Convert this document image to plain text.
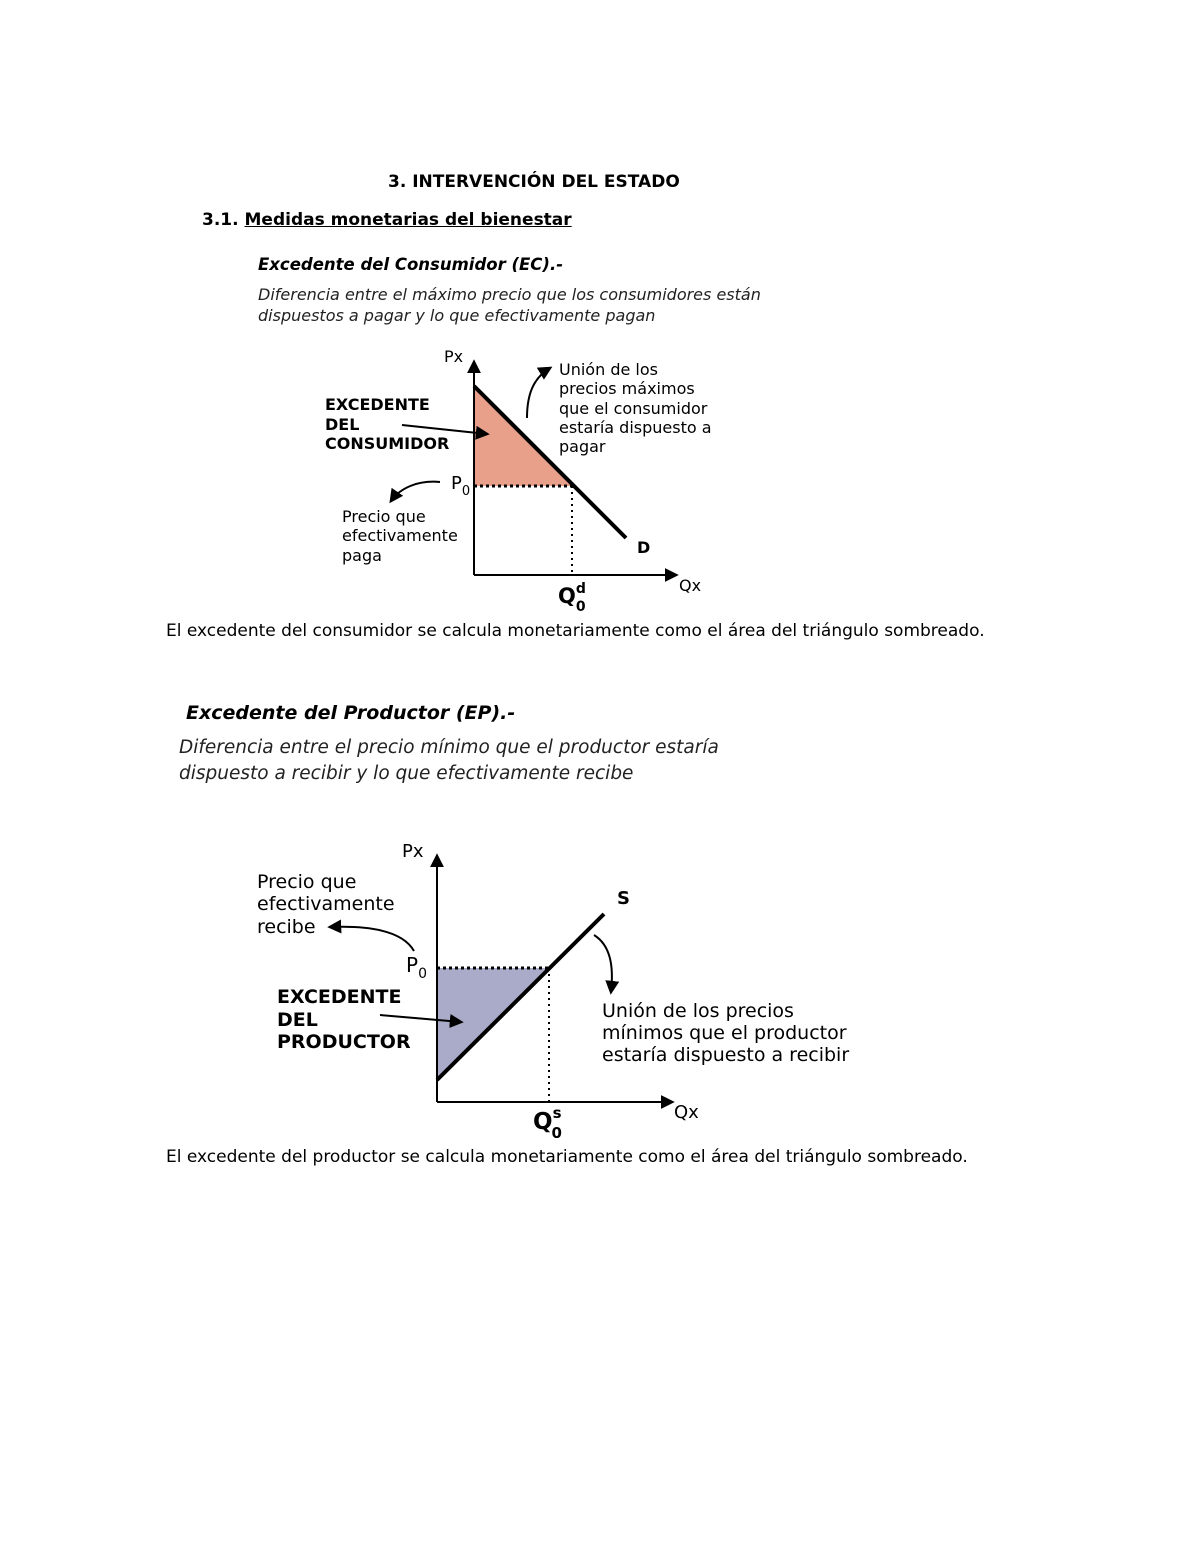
3. INTERVENCIÓN DEL ESTADO
3.1. Medidas monetarias del bienestar
Excedente del Consumidor (EC).-
Diferencia entre el máximo precio que los consumidores están
dispuestos a pagar y lo que efectivamente pagan
El excedente del consumidor se calcula monetariamente como el área del triángulo sombreado.
Excedente del Productor (EP).-
Diferencia entre el precio mínimo que el productor estaría
dispuesto a recibir y lo que efectivamente recibe
El excedente del productor se calcula monetariamente como el área del triángulo sombreado.
Px
Qx
$P_0$
$Q^d$ 0
D
EXCEDENTE DEL CONSUMIDOR
Unión de los precios máximos que el consumidor estaría dispuesto a pagar
Precio que efectivamente paga
Px
Qx
$P_0$
$Q^s$ 0
S
EXCEDENTE DEL PRODUCTOR
Unión de los precios mínimos que el productor estaría dispuesto a recibir
Precio que efectivamente recibe
